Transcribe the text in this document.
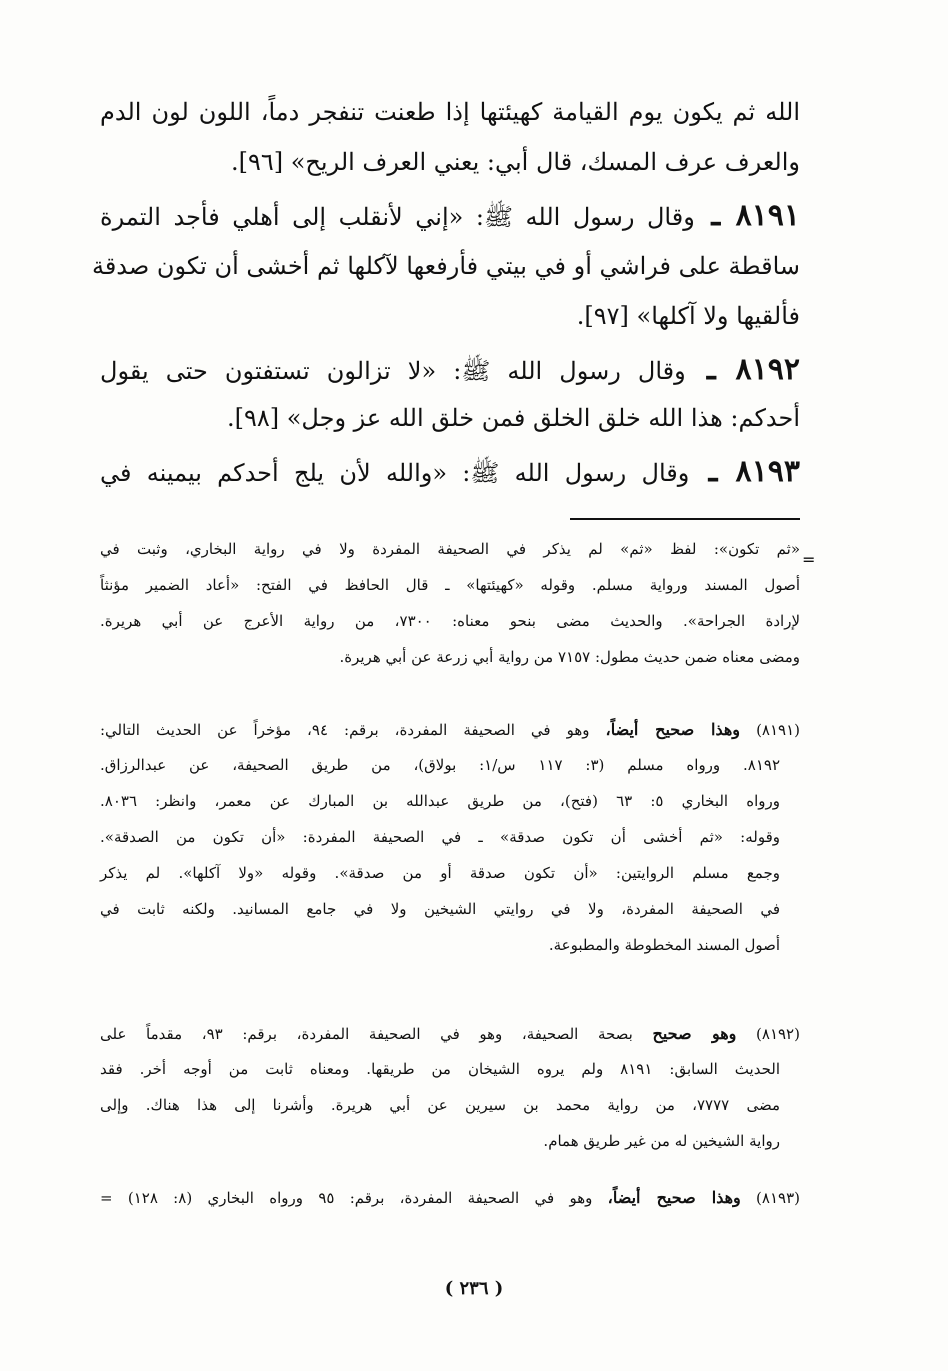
الله ثم يكون يوم القيامة كهيئتها إذا طعنت تنفجر دماً، اللون لون الدم
والعرف عرف المسك، قال أبي: يعني العرف الريح» [٩٦].
٨١٩١ ـ وقال رسول الله ﷺ: «إني لأنقلب إلى أهلي فأجد التمرة
ساقطة على فراشي أو في بيتي فأرفعها لآكلها ثم أخشى أن تكون صدقة
فألقيها ولا آكلها» [٩٧].
٨١٩٢ ـ وقال رسول الله ﷺ: «لا تزالون تستفتون حتى يقول
أحدكم: هذا الله خلق الخلق فمن خلق الله عز وجل» [٩٨].
٨١٩٣ ـ وقال رسول الله ﷺ: «والله لأن يلج أحدكم بيمينه في
=
«ثم تكون»: لفظ «ثم» لم يذكر في الصحيفة المفردة ولا في رواية البخاري، وثبت في
أصول المسند ورواية مسلم. وقوله «كهيئتها» ـ قال الحافظ في الفتح: «أعاد الضمير مؤنثاً
لإرادة الجراحة». والحديث مضى بنحو معناه: ٧٣٠٠، من رواية الأعرج عن أبي هريرة.
ومضى معناه ضمن حديث مطول: ٧١٥٧ من رواية أبي زرعة عن أبي هريرة.
(٨١٩١) وهذا صحيح أيضاً، وهو في الصحيفة المفردة، برقم: ٩٤، مؤخراً عن الحديث التالي:
٨١٩٢. ورواه مسلم (٣: ١١٧ س/١: بولاق)، من طريق الصحيفة، عن عبدالرزاق.
ورواه البخاري ٥: ٦٣ (فتح)، من طريق عبدالله بن المبارك عن معمر، وانظر: ٨٠٣٦.
وقوله: «ثم أخشى أن تكون صدقة» ـ في الصحيفة المفردة: «أن تكون من الصدقة».
وجمع مسلم الروايتين: «أن تكون صدقة أو من صدقة». وقوله «ولا آكلها». لم يذكر
في الصحيفة المفردة، ولا في روايتي الشيخين ولا في جامع المسانيد. ولكنه ثابت في
أصول المسند المخطوطة والمطبوعة.
(٨١٩٢) وهو صحيح بصحة الصحيفة، وهو في الصحيفة المفردة، برقم: ٩٣، مقدماً على
الحديث السابق: ٨١٩١ ولم يروه الشيخان من طريقها. ومعناه ثابت من أوجه أخر. فقد
مضى ٧٧٧٧، من رواية محمد بن سيرين عن أبي هريرة. وأشرنا إلى هذا هناك. وإلى
رواية الشيخين له من غير طريق همام.
(٨١٩٣) وهذا صحيح أيضاً، وهو في الصحيفة المفردة، برقم: ٩٥ ورواه البخاري (٨: ١٢٨) =
( ٢٣٦ )
